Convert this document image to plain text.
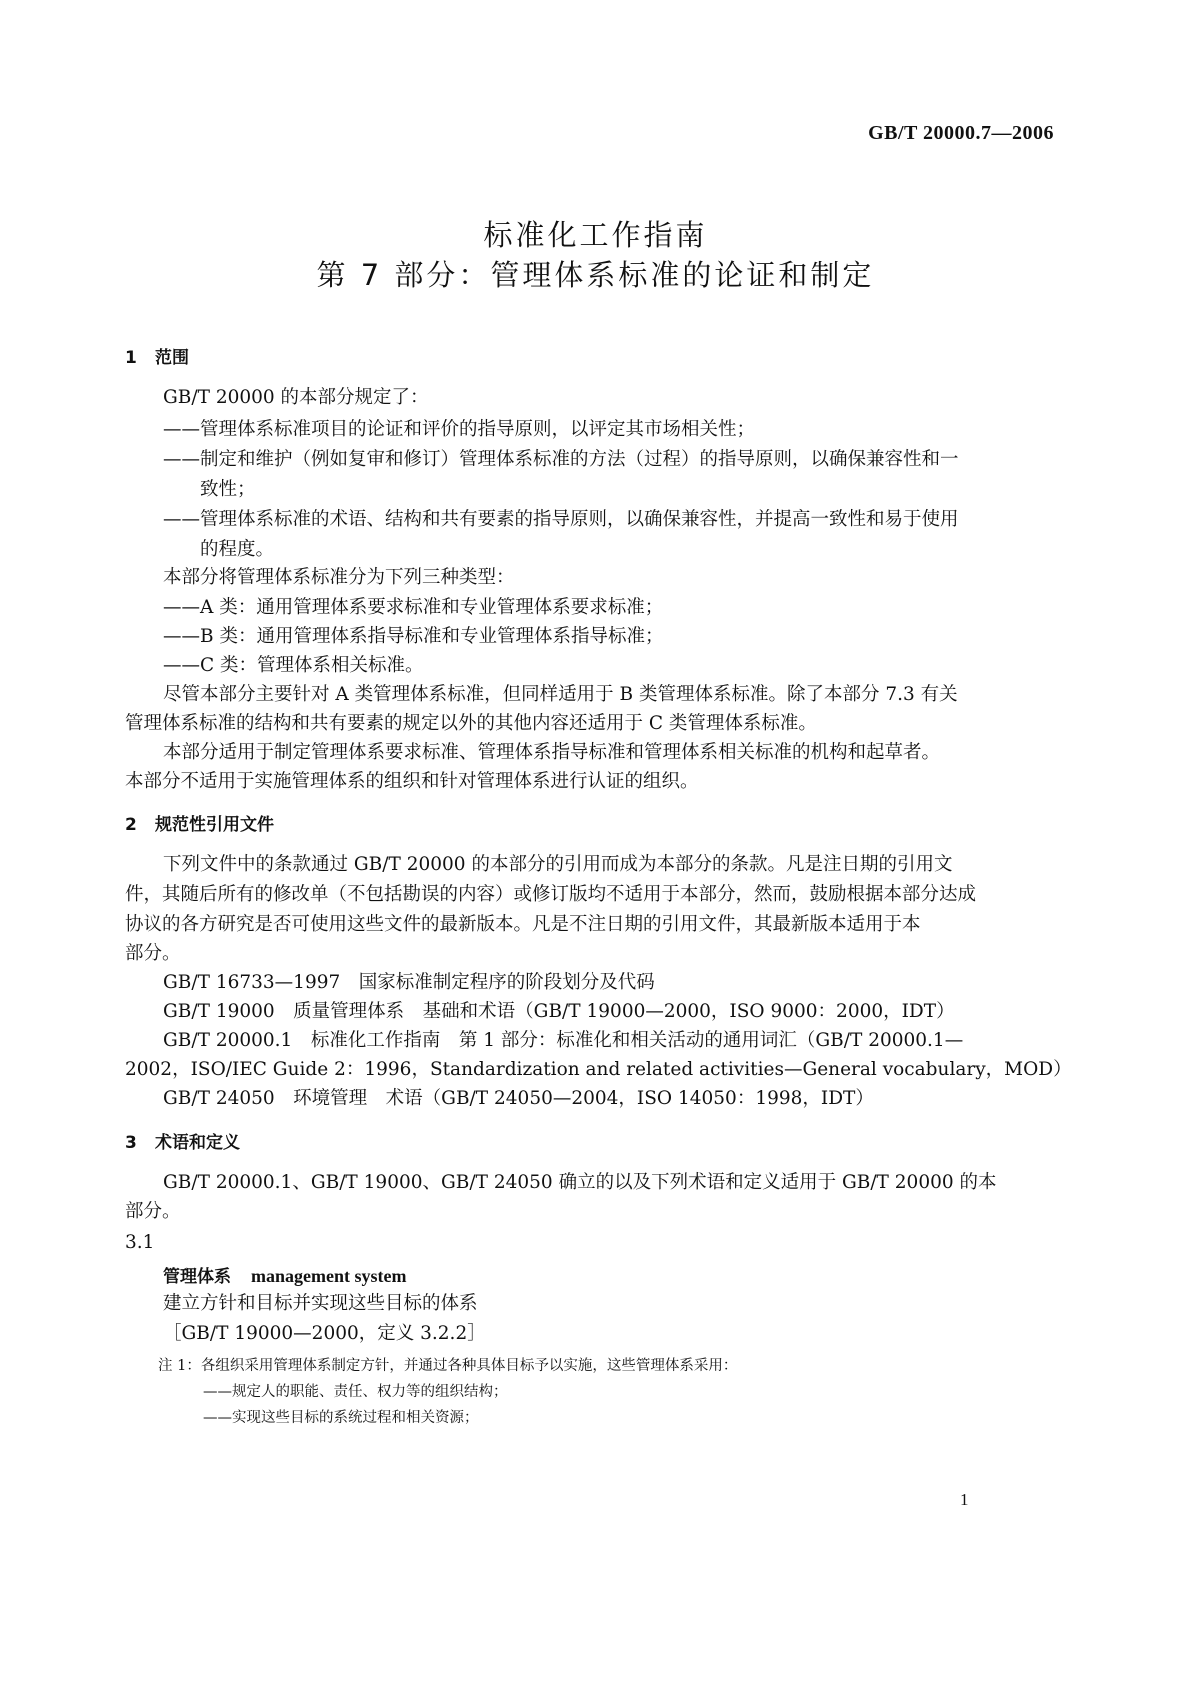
GB/T 20000.7—2006
标准化工作指南
第 7 部分：管理体系标准的论证和制定
1 范围
GB/T 20000 的本部分规定了：
——管理体系标准项目的论证和评价的指导原则，以评定其市场相关性；
——制定和维护（例如复审和修订）管理体系标准的方法（过程）的指导原则，以确保兼容性和一
致性；
——管理体系标准的术语、结构和共有要素的指导原则，以确保兼容性，并提高一致性和易于使用
的程度。
本部分将管理体系标准分为下列三种类型：
——A 类：通用管理体系要求标准和专业管理体系要求标准；
——B 类：通用管理体系指导标准和专业管理体系指导标准；
——C 类：管理体系相关标准。
尽管本部分主要针对 A 类管理体系标准，但同样适用于 B 类管理体系标准。除了本部分 7.3 有关
管理体系标准的结构和共有要素的规定以外的其他内容还适用于 C 类管理体系标准。
本部分适用于制定管理体系要求标准、管理体系指导标准和管理体系相关标准的机构和起草者。
本部分不适用于实施管理体系的组织和针对管理体系进行认证的组织。
2 规范性引用文件
下列文件中的条款通过 GB/T 20000 的本部分的引用而成为本部分的条款。凡是注日期的引用文
件，其随后所有的修改单（不包括勘误的内容）或修订版均不适用于本部分，然而，鼓励根据本部分达成
协议的各方研究是否可使用这些文件的最新版本。凡是不注日期的引用文件，其最新版本适用于本
部分。
GB/T 16733—1997　国家标准制定程序的阶段划分及代码
GB/T 19000　质量管理体系　基础和术语（GB/T 19000—2000，ISO 9000：2000，IDT）
GB/T 20000.1　标准化工作指南　第 1 部分：标准化和相关活动的通用词汇（GB/T 20000.1—
2002，ISO/IEC Guide 2：1996，Standardization and related activities—General vocabulary，MOD）
GB/T 24050　环境管理　术语（GB/T 24050—2004，ISO 14050：1998，IDT）
3 术语和定义
GB/T 20000.1、GB/T 19000、GB/T 24050 确立的以及下列术语和定义适用于 GB/T 20000 的本
部分。
3.1
管理体系 management system
建立方针和目标并实现这些目标的体系
［GB/T 19000—2000，定义 3.2.2］
注 1：各组织采用管理体系制定方针，并通过各种具体目标予以实施，这些管理体系采用：
——规定人的职能、责任、权力等的组织结构；
——实现这些目标的系统过程和相关资源；
1
